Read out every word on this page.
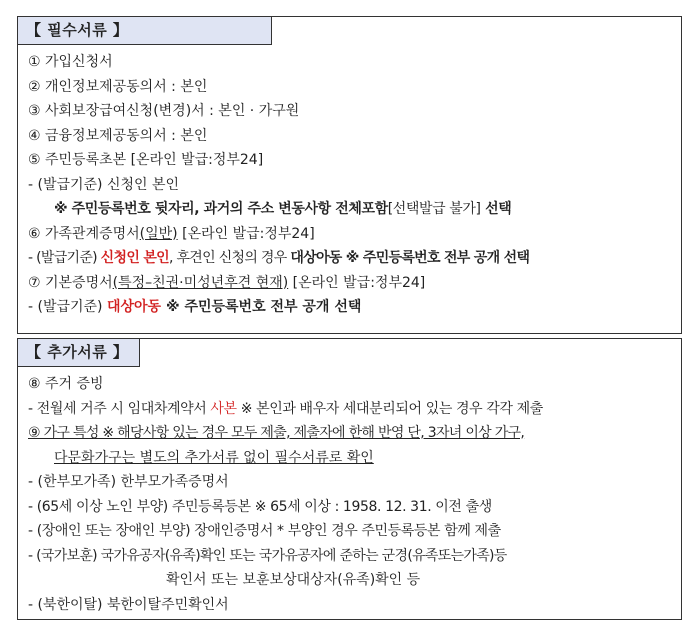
【 필수서류 】
① 가입신청서
② 개인정보제공동의서 : 본인
③ 사회보장급여신청(변경)서 : 본인 · 가구원
④ 금융정보제공동의서 : 본인
⑤ 주민등록초본 [온라인 발급:정부24]
- (발급기준) 신청인 본인
※ 주민등록번호 뒷자리, 과거의 주소 변동사항 전체포함[선택발급 불가] 선택
⑥ 가족관계증명서(일반) [온라인 발급:정부24]
- (발급기준) 신청인 본인, 후견인 신청의 경우 대상아동 ※ 주민등록번호 전부 공개 선택
⑦ 기본증명서(특정–친권·미성년후견 현재) [온라인 발급:정부24]
- (발급기준) 대상아동 ※ 주민등록번호 전부 공개 선택
【 추가서류 】
⑧ 주거 증빙
- 전월세 거주 시 임대차계약서 사본 ※ 본인과 배우자 세대분리되어 있는 경우 각각 제출
⑨ 가구 특성 ※ 해당사항 있는 경우 모두 제출, 제출자에 한해 반영 단, 3자녀 이상 가구,
다문화가구는 별도의 추가서류 없이 필수서류로 확인
- (한부모가족) 한부모가족증명서
- (65세 이상 노인 부양) 주민등록등본 ※ 65세 이상 : 1958. 12. 31. 이전 출생
- (장애인 또는 장애인 부양) 장애인증명서 * 부양인 경우 주민등록등본 함께 제출
- (국가보훈) 국가유공자(유족)확인 또는 국가유공자에 준하는 군경(유족또는가족)등
확인서 또는 보훈보상대상자(유족)확인 등
- (북한이탈) 북한이탈주민확인서
